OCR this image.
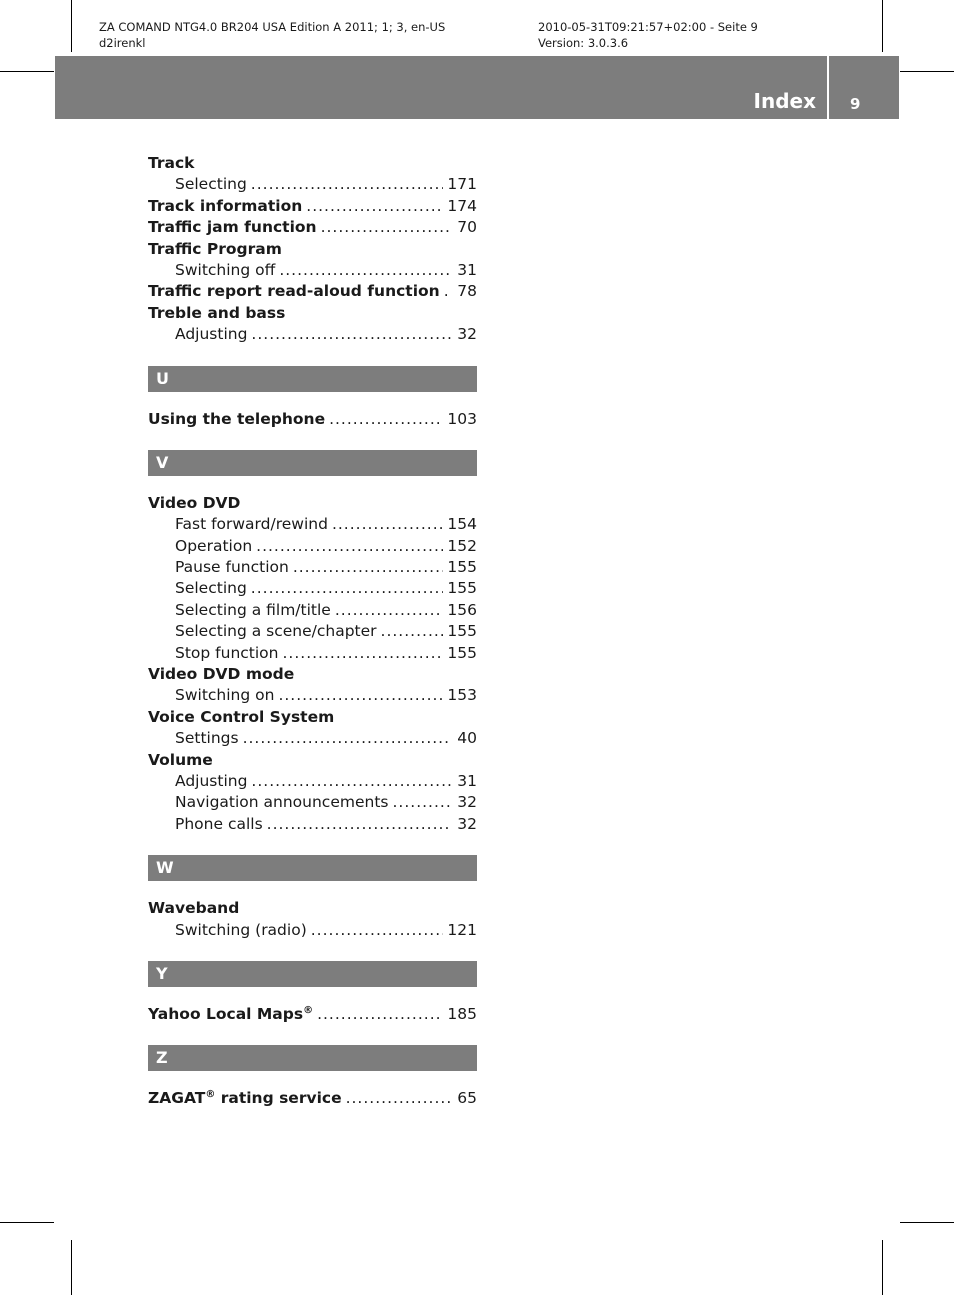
ZA COMAND NTG4.0 BR204 USA Edition A 2011; 1; 3, en-US
d2irenkl
2010-05-31T09:21:57+02:00 - Seite 9
Version: 3.0.3.6
Index 9
Track
Selecting .....	171
Track information .....	174
Traffic jam function .....	70
Traffic Program
Switching off .....	31
Traffic report read-aloud function ..... 78
Treble and bass
Adjusting .....	32
U
Using the telephone .....	103
V
Video DVD
Fast forward/rewind .....	154
Operation .....	152
Pause function .....	155
Selecting .....	155
Selecting a film/title .....	156
Selecting a scene/chapter .....	155
Stop function .....	155
Video DVD mode
Switching on .....	153
Voice Control System
Settings .....	40
Volume
Adjusting .....	31
Navigation announcements .....	32
Phone calls .....	32
W
Waveband
Switching (radio) .....	121
Y
Yahoo Local Maps® .....	185
Z
ZAGAT® rating service .....	65
